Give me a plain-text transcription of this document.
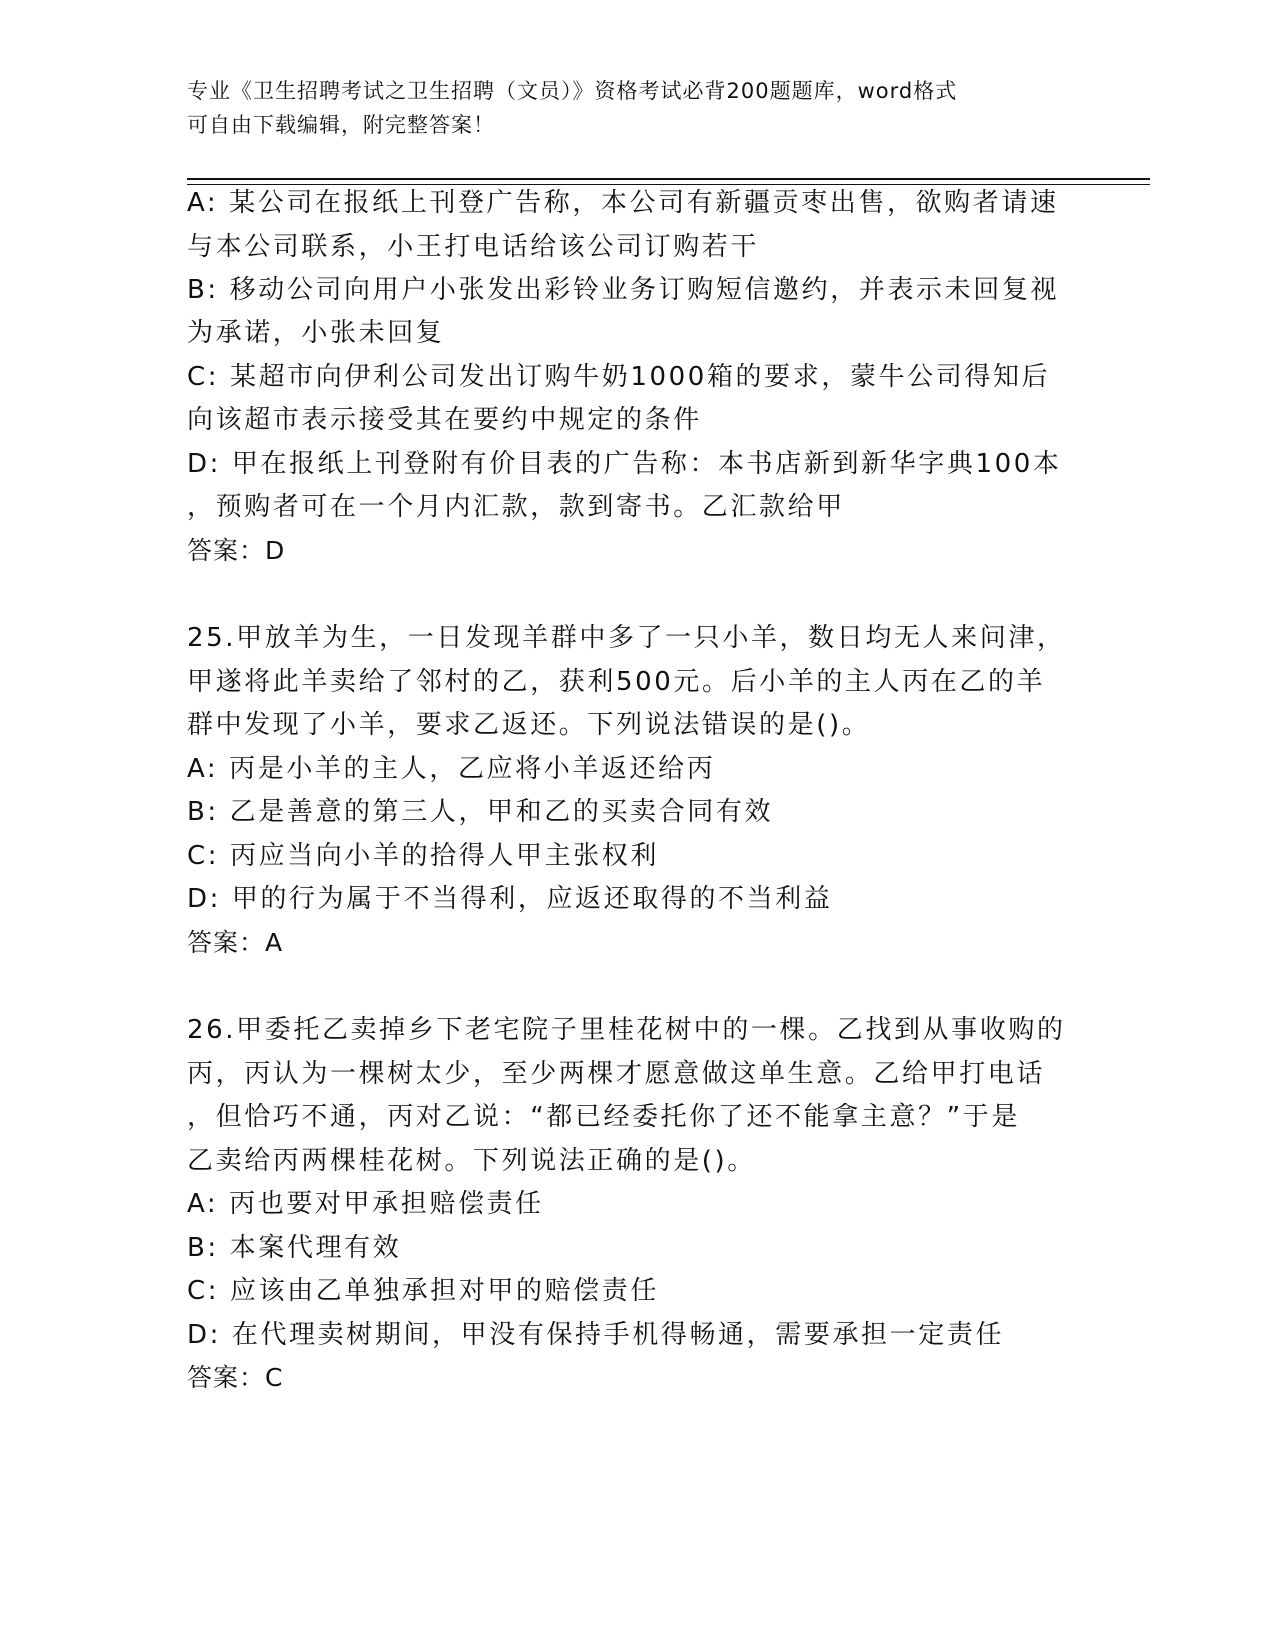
专业《卫生招聘考试之卫生招聘（文员）》资格考试必背200题题库，word格式
可自由下载编辑，附完整答案！
A: 某公司在报纸上刊登广告称，本公司有新疆贡枣出售，欲购者请速
与本公司联系，小王打电话给该公司订购若干
B: 移动公司向用户小张发出彩铃业务订购短信邀约，并表示未回复视
为承诺，小张未回复
C: 某超市向伊利公司发出订购牛奶1000箱的要求，蒙牛公司得知后
向该超市表示接受其在要约中规定的条件
D: 甲在报纸上刊登附有价目表的广告称：本书店新到新华字典100本
，预购者可在一个月内汇款，款到寄书。乙汇款给甲
答案：D
25.甲放羊为生，一日发现羊群中多了一只小羊，数日均无人来问津，
甲遂将此羊卖给了邻村的乙，获利500元。后小羊的主人丙在乙的羊
群中发现了小羊，要求乙返还。下列说法错误的是()。
A: 丙是小羊的主人，乙应将小羊返还给丙
B: 乙是善意的第三人，甲和乙的买卖合同有效
C: 丙应当向小羊的拾得人甲主张权利
D: 甲的行为属于不当得利，应返还取得的不当利益
答案：A
26.甲委托乙卖掉乡下老宅院子里桂花树中的一棵。乙找到从事收购的
丙，丙认为一棵树太少，至少两棵才愿意做这单生意。乙给甲打电话
，但恰巧不通，丙对乙说：“都已经委托你了还不能拿主意？”于是
乙卖给丙两棵桂花树。下列说法正确的是()。
A: 丙也要对甲承担赔偿责任
B: 本案代理有效
C: 应该由乙单独承担对甲的赔偿责任
D: 在代理卖树期间，甲没有保持手机得畅通，需要承担一定责任
答案：C
